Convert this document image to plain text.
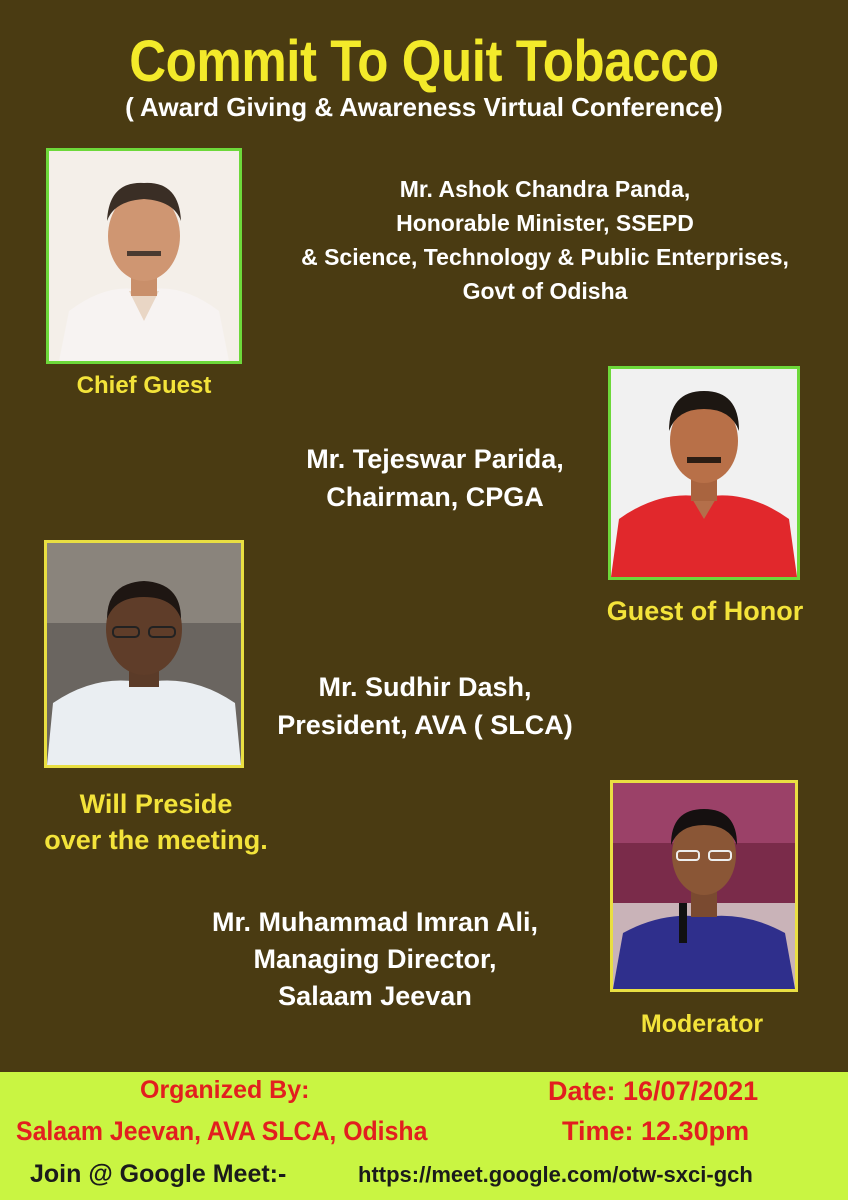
Commit To Quit Tobacco
( Award Giving & Awareness Virtual Conference)
Mr. Ashok Chandra Panda,
Honorable Minister, SSEPD
& Science, Technology & Public Enterprises,
Govt of Odisha
Chief Guest
Mr. Tejeswar Parida,
Chairman, CPGA
Guest of Honor
Mr. Sudhir Dash,
President, AVA ( SLCA)
Will Preside
over the meeting.
Mr. Muhammad Imran Ali,
Managing Director,
Salaam Jeevan
Moderator
Organized By:
Salaam Jeevan, AVA SLCA, Odisha
Date: 16/07/2021
Time: 12.30pm
Join @ Google Meet:-	https://meet.google.com/otw-sxci-gch
